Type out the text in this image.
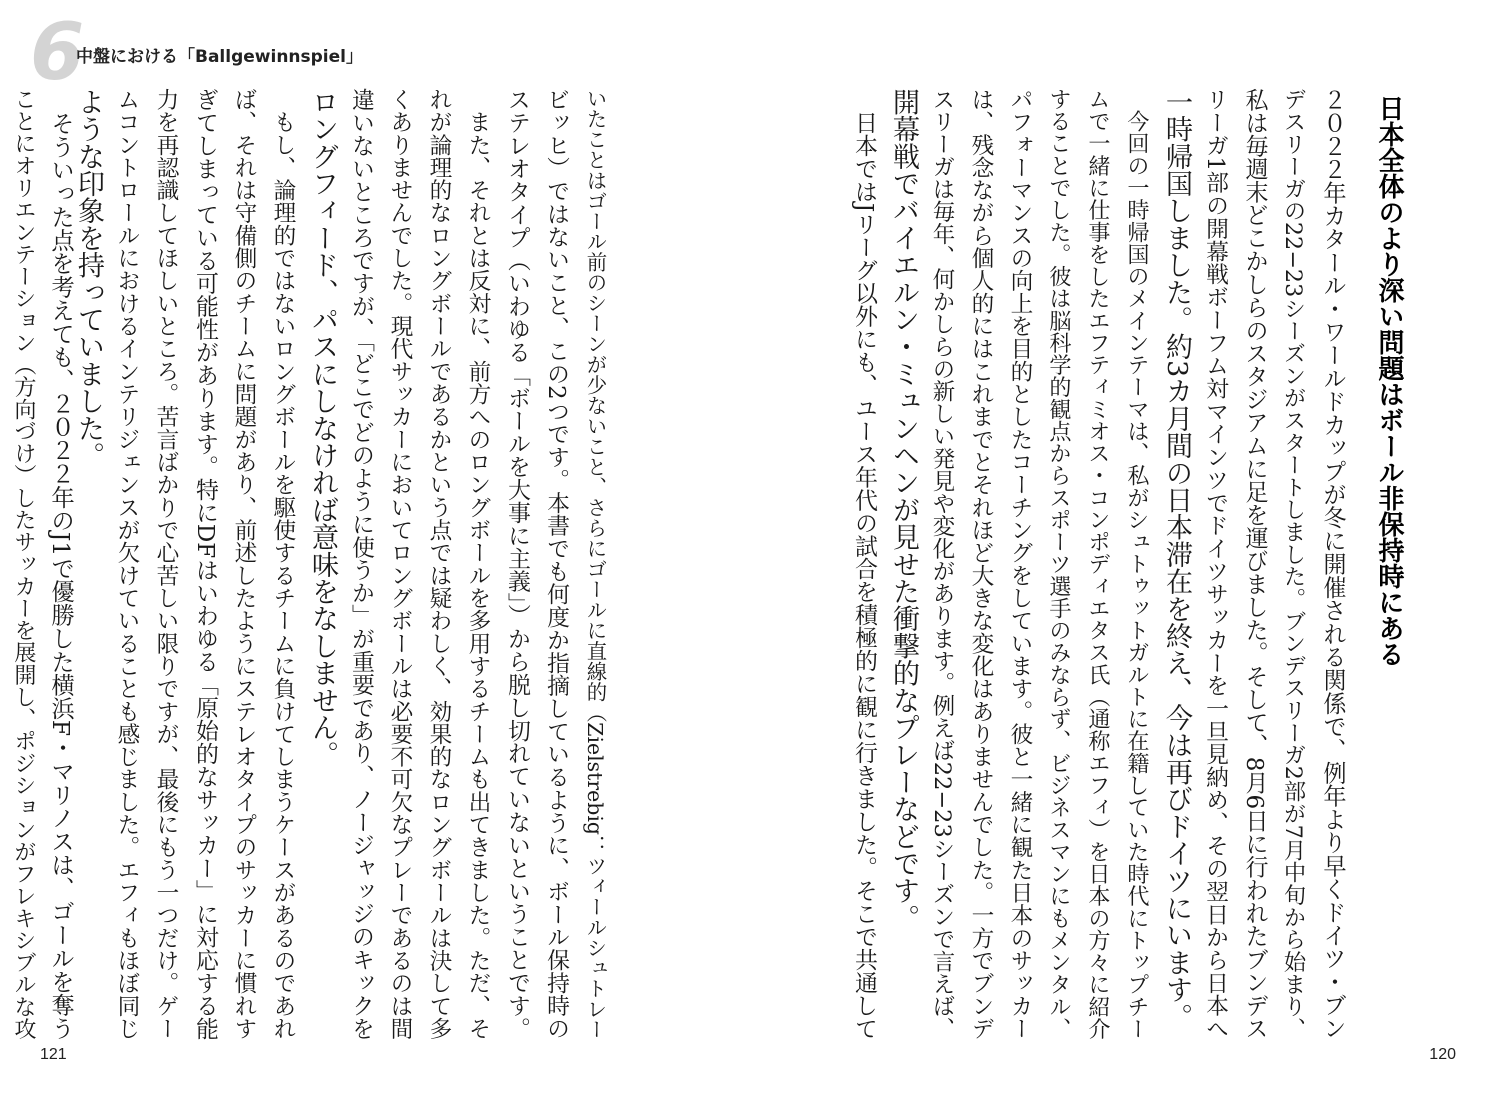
6
中盤における「Ballgewinnspiel」
いたことはゴール前のシーンが少ないこと、さらにゴールに直線的（Zielstrebig：ツィールシュトレー
ビッヒ）ではないこと、この2つです。本書でも何度か指摘しているように、ボール保持時の
ステレオタイプ（いわゆる「ボールを大事に主義」）から脱し切れていないということです。
　また、それとは反対に、前方へのロングボールを多用するチームも出てきました。ただ、そ
れが論理的なロングボールであるかという点では疑わしく、効果的なロングボールは決して多
くありませんでした。現代サッカーにおいてロングボールは必要不可欠なプレーであるのは間
違いないところですが、「どこでどのように使うか」が重要であり、ノージャッジのキックを
ロングフィード、パスにしなければ意味をなしません。
　もし、論理的ではないロングボールを駆使するチームに負けてしまうケースがあるのであれ
ば、それは守備側のチームに問題があり、前述したようにステレオタイプのサッカーに慣れす
ぎてしまっている可能性があります。特にDFはいわゆる「原始的なサッカー」に対応する能
力を再認識してほしいところ。苦言ばかりで心苦しい限りですが、最後にもう一つだけ。ゲー
ムコントロールにおけるインテリジェンスが欠けていることも感じました。エフィもほぼ同じ
ような印象を持っていました。
　そういった点を考えても、２０２２年のJ1で優勝した横浜F・マリノスは、ゴールを奪う
ことにオリエンテーション（方向づけ）したサッカーを展開し、ポジションがフレキシブルな攻
121
日本全体のより深い問題はボール非保持時にある
２０２２年カタール・ワールドカップが冬に開催される関係で、例年より早くドイツ・ブン
デスリーガの22−23シーズンがスタートしました。ブンデスリーガ2部が7月中旬から始まり、
私は毎週末どこかしらのスタジアムに足を運びました。そして、8月6日に行われたブンデス
リーガ1部の開幕戦ボーフム対マインツでドイツサッカーを一旦見納め、その翌日から日本へ
一時帰国しました。約3カ月間の日本滞在を終え、今は再びドイツにいます。
　今回の一時帰国のメインテーマは、私がシュトゥットガルトに在籍していた時代にトップチー
ムで一緒に仕事をしたエフティミオス・コンポディエタス氏（通称エフィ）を日本の方々に紹介
することでした。彼は脳科学的観点からスポーツ選手のみならず、ビジネスマンにもメンタル、
パフォーマンスの向上を目的としたコーチングをしています。彼と一緒に観た日本のサッカー
は、残念ながら個人的にはこれまでとそれほど大きな変化はありませんでした。一方でブンデ
スリーガは毎年、何かしらの新しい発見や変化があります。例えば22−23シーズンで言えば、
開幕戦でバイエルン・ミュンヘンが見せた衝撃的なプレーなどです。
　日本ではJリーグ以外にも、ユース年代の試合を積極的に観に行きました。そこで共通して
120
